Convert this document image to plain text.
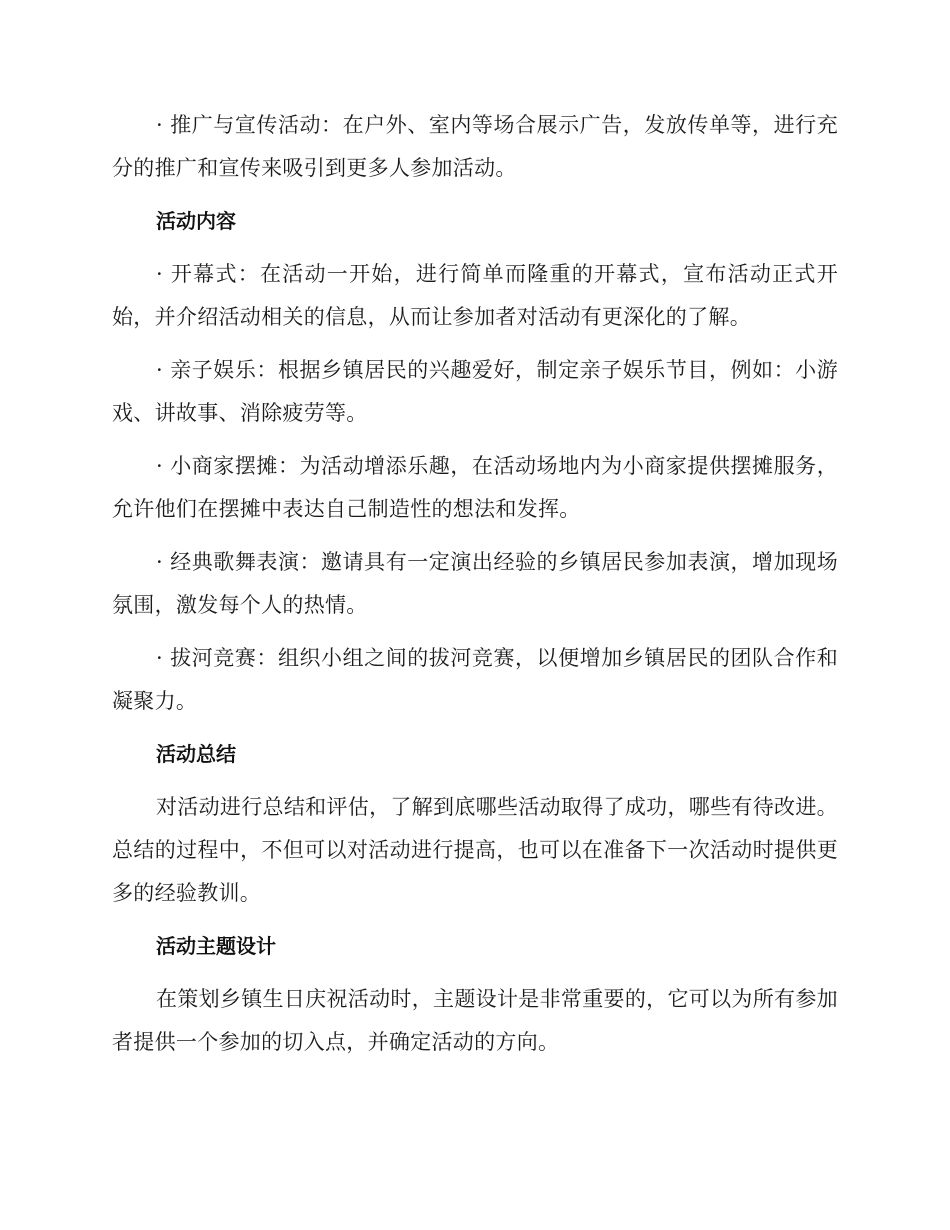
· 推广与宣传活动：在户外、室内等场合展示广告，发放传单等，进行充分的推广和宣传来吸引到更多人参加活动。

活动内容

· 开幕式：在活动一开始，进行简单而隆重的开幕式，宣布活动正式开始，并介绍活动相关的信息，从而让参加者对活动有更深化的了解。

· 亲子娱乐：根据乡镇居民的兴趣爱好，制定亲子娱乐节目，例如：小游戏、讲故事、消除疲劳等。

· 小商家摆摊：为活动增添乐趣，在活动场地内为小商家提供摆摊服务，允许他们在摆摊中表达自己制造性的想法和发挥。

· 经典歌舞表演：邀请具有一定演出经验的乡镇居民参加表演，增加现场氛围，激发每个人的热情。

· 拔河竞赛：组织小组之间的拔河竞赛，以便增加乡镇居民的团队合作和凝聚力。

活动总结

对活动进行总结和评估，了解到底哪些活动取得了成功，哪些有待改进。总结的过程中，不但可以对活动进行提高，也可以在准备下一次活动时提供更多的经验教训。

活动主题设计

在策划乡镇生日庆祝活动时，主题设计是非常重要的，它可以为所有参加者提供一个参加的切入点，并确定活动的方向。
